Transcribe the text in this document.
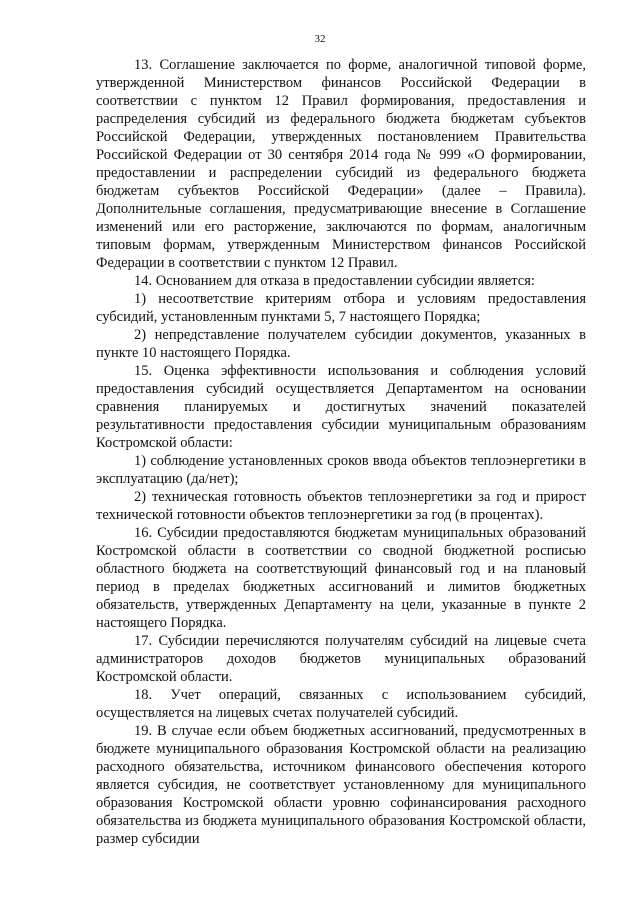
32

13. Соглашение заключается по форме, аналогичной типовой форме, утвержденной Министерством финансов Российской Федерации в соответствии с пунктом 12 Правил формирования, предоставления и распределения субсидий из федерального бюджета бюджетам субъектов Российской Федерации, утвержденных постановлением Правительства Российской Федерации от 30 сентября 2014 года № 999 «О формировании, предоставлении и распределении субсидий из федерального бюджета бюджетам субъектов Российской Федерации» (далее – Правила). Дополнительные соглашения, предусматривающие внесение в Соглашение изменений или его расторжение, заключаются по формам, аналогичным типовым формам, утвержденным Министерством финансов Российской Федерации в соответствии с пунктом 12 Правил.

14. Основанием для отказа в предоставлении субсидии является:

1) несоответствие критериям отбора и условиям предоставления субсидий, установленным пунктами 5, 7 настоящего Порядка;

2) непредставление получателем субсидии документов, указанных в пункте 10 настоящего Порядка.

15. Оценка эффективности использования и соблюдения условий предоставления субсидий осуществляется Департаментом на основании сравнения планируемых и достигнутых значений показателей результативности предоставления субсидии муниципальным образованиям Костромской области:

1) соблюдение установленных сроков ввода объектов теплоэнергетики в эксплуатацию (да/нет);

2) техническая готовность объектов теплоэнергетики за год и прирост технической готовности объектов теплоэнергетики за год (в процентах).

16. Субсидии предоставляются бюджетам муниципальных образований Костромской области в соответствии со сводной бюджетной росписью областного бюджета на соответствующий финансовый год и на плановый период в пределах бюджетных ассигнований и лимитов бюджетных обязательств, утвержденных Департаменту на цели, указанные в пункте 2 настоящего Порядка.

17. Субсидии перечисляются получателям субсидий на лицевые счета администраторов доходов бюджетов муниципальных образований Костромской области.

18. Учет операций, связанных с использованием субсидий, осуществляется на лицевых счетах получателей субсидий.

19. В случае если объем бюджетных ассигнований, предусмотренных в бюджете муниципального образования Костромской области на реализацию расходного обязательства, источником финансового обеспечения которого является субсидия, не соответствует установленному для муниципального образования Костромской области уровню софинансирования расходного обязательства из бюджета муниципального образования Костромской области, размер субсидии
